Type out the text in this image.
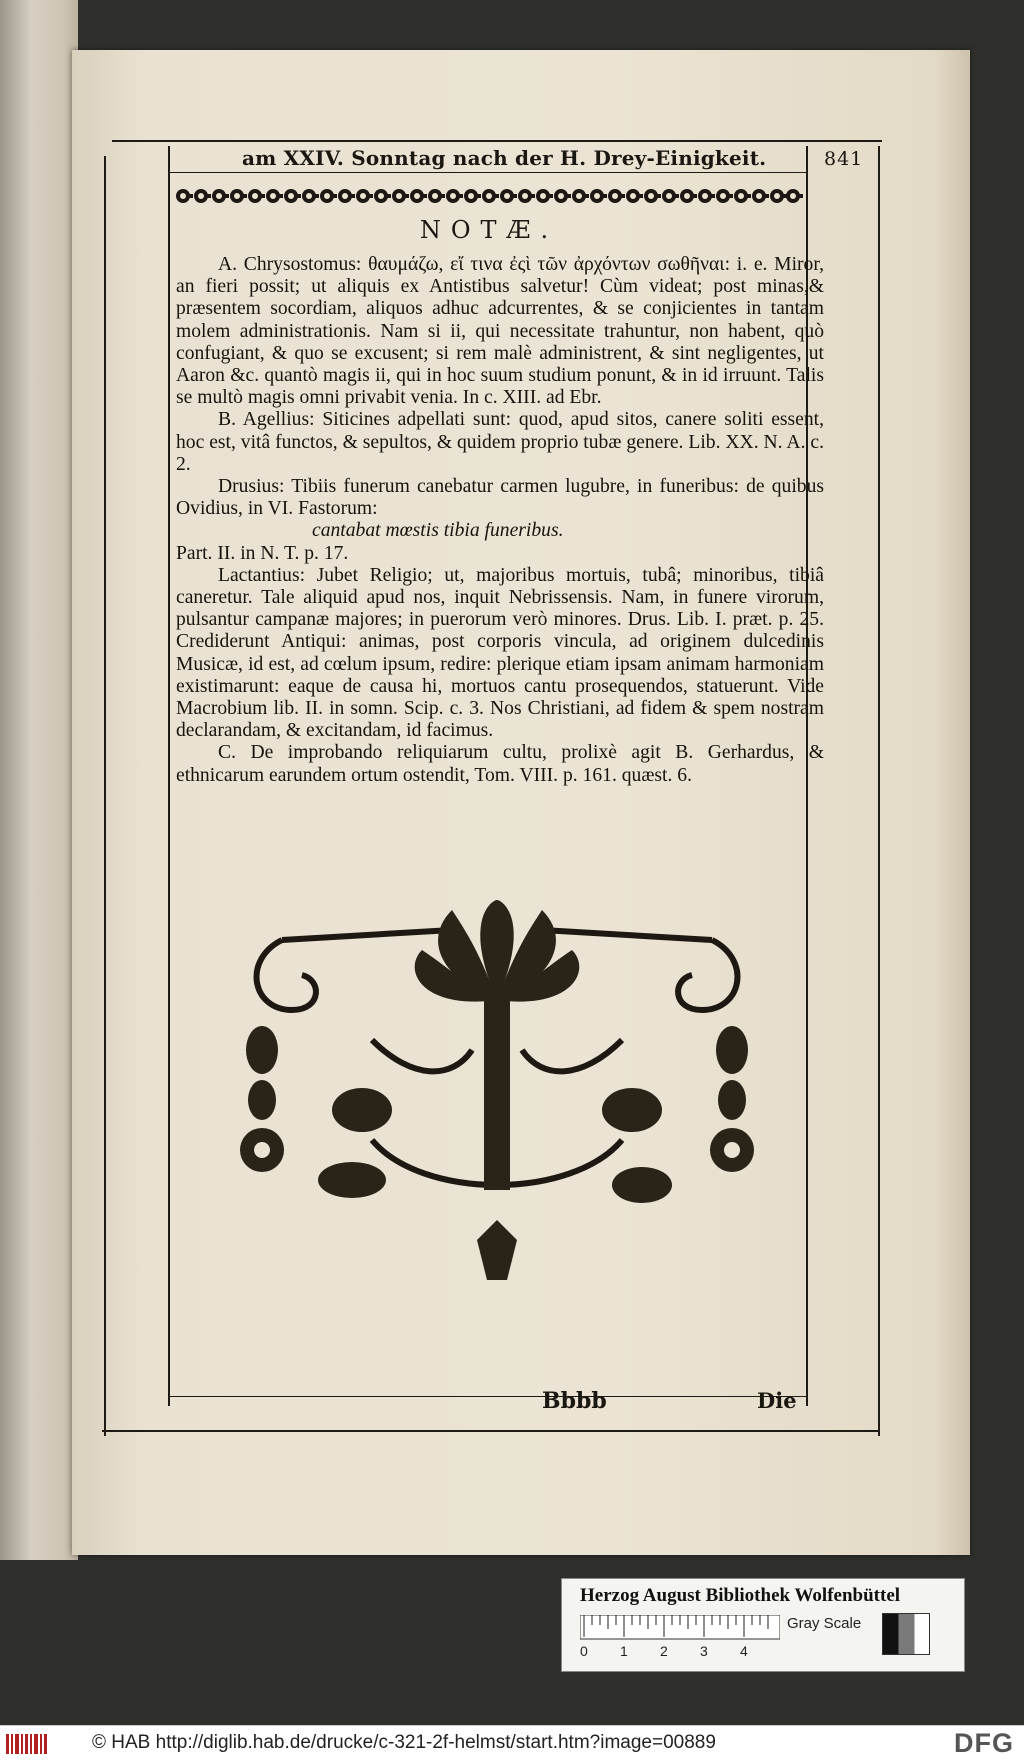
am XXIV. Sonntag nach der H. Drey-Einigkeit.	841
NOTÆ.

A. Chrysostomus: θαυμάζω, εἴ τινα ἐςὶ τῶν ἀρχόντων σωθῆναι: i. e. Miror, an fieri possit; ut aliquis ex Antistibus salvetur! Cùm videat; post minas,& præsentem socordiam, aliquos adhuc adcurrentes, & se conjicientes in tantam molem administrationis. Nam si ii, qui necessitate trahuntur, non habent, quò confugiant, & quo se excusent; si rem malè administrent, & sint negligentes, ut Aaron &c. quantò magis ii, qui in hoc suum studium ponunt, & in id irruunt. Talis se multò magis omni privabit venia. In c. XIII. ad Ebr.

B. Agellius: Siticines adpellati sunt: quod, apud sitos, canere soliti essent, hoc est, vitâ functos, & sepultos, & quidem proprio tubæ genere. Lib. XX. N. A. c. 2.

Drusius: Tibiis funerum canebatur carmen lugubre, in funeribus: de quibus Ovidius, in VI. Fastorum:

cantabat mœstis tibia funeribus.

Part. II. in N. T. p. 17.

Lactantius: Jubet Religio; ut, majoribus mortuis, tubâ; minoribus, tibiâ caneretur. Tale aliquid apud nos, inquit Nebrissensis. Nam, in funere virorum, pulsantur campanæ majores; in puerorum verò minores. Drus. Lib. I. præt. p. 25. Crediderunt Antiqui: animas, post corporis vincula, ad originem dulcedinis Musicæ, id est, ad cœlum ipsum, redire: plerique etiam ipsam animam harmoniam existimarunt: eaque de causa hi, mortuos cantu prosequendos, statuerunt. Vide Macrobium lib. II. in somn. Scip. c. 3. Nos Christiani, ad fidem & spem nostram declarandam, & excitandam, id facimus.

C. De improbando reliquiarum cultu, prolixè agit B. Gerhardus, & ethnicarum earundem ortum ostendit, Tom. VIII. p. 161. quæst. 6.

Bbbb	Die
Herzog August Bibliothek Wolfenbüttel
0 1 2 3 4
Gray Scale
© HAB http://diglib.hab.de/drucke/c-321-2f-helmst/start.htm?image=00889	DFG
